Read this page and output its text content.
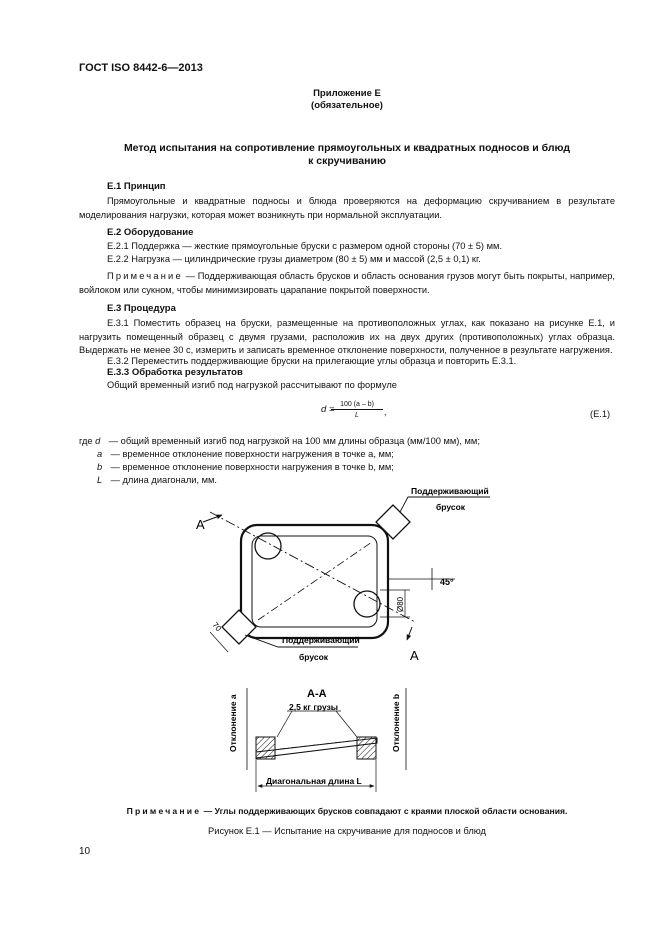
ГОСТ ISO 8442-6—2013
Приложение Е
(обязательное)
Метод испытания на сопротивление прямоугольных и квадратных подносов и блюд
к скручиванию
Е.1 Принцип
Прямоугольные и квадратные подносы и блюда проверяются на деформацию скручиванием в результате моделирования нагрузки, которая может возникнуть при нормальной эксплуатации.
Е.2 Оборудование
Е.2.1 Поддержка — жесткие прямоугольные бруски с размером одной стороны (70 ± 5) мм.
Е.2.2 Нагрузка — цилиндрические грузы диаметром (80 ± 5) мм и массой (2,5 ± 0,1) кг.
Примечание — Поддерживающая область брусков и область основания грузов могут быть покрыты, например, войлоком или сукном, чтобы минимизировать царапание покрытой поверхности.
Е.3 Процедура
Е.3.1 Поместить образец на бруски, размещенные на противоположных углах, как показано на рисунке Е.1, и нагрузить помещенный образец с двумя грузами, расположив их на двух других (противоположных) углах образца. Выдержать не менее 30 с, измерить и записать временное отклонение поверхности, полученное в результате нагружения.
Е.3.2 Переместить поддерживающие бруски на прилегающие углы образца и повторить Е.3.1.
Е.3.3 Обработка результатов
Общий временный изгиб под нагрузкой рассчитывают по формуле
d =
$\frac{100 (a - b)}{L}$ ,	(Е.1)
где d — общий временный изгиб под нагрузкой на 100 мм длины образца (мм/100 мм), мм;
a — временное отклонение поверхности нагружения в точке a, мм;
b — временное отклонение поверхности нагружения в точке b, мм;
L — длина диагонали, мм.
A
A
Поддерживающий
брусок
Поддерживающий
брусок
45°
Ø80
70
А-А
2,5 кг грузы
Отклонение a	Отклонение b
Диагональная длина L
Примечание — Углы поддерживающих брусков совпадают с краями плоской области основания.
Рисунок Е.1 — Испытание на скручивание для подносов и блюд
10
